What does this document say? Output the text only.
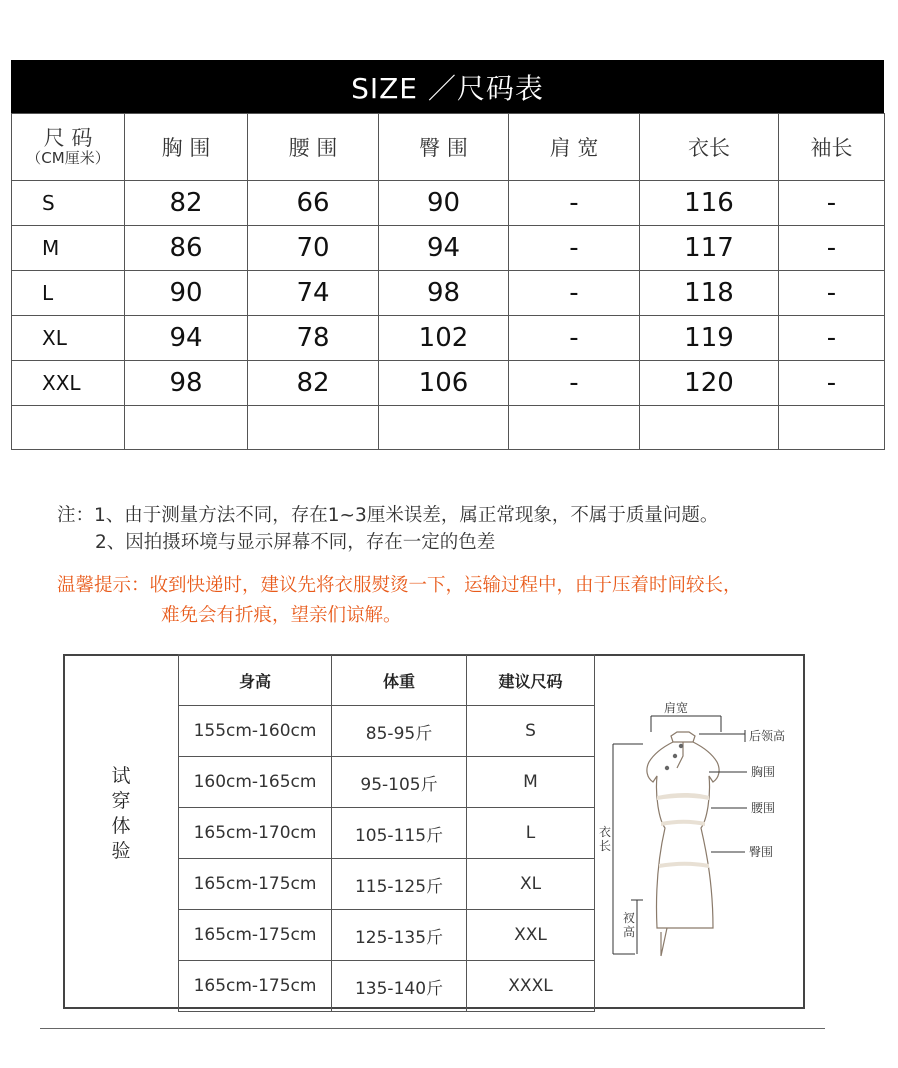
SIZE ／尺码表
尺 码
（CM厘米）	胸 围	腰 围	臀 围	肩 宽	衣长	袖长
S	82	66	90	-	116	-
M	86	70	94	-	117	-
L	90	74	98	-	118	-
XL	94	78	102	-	119	-
XXL	98	82	106	-	120	-

注：1、由于测量方法不同，存在1~3厘米误差，属正常现象，不属于质量问题。
2、因拍摄环境与显示屏幕不同，存在一定的色差
温馨提示：收到快递时，建议先将衣服熨烫一下，运输过程中，由于压着时间较长，
难免会有折痕，望亲们谅解。
试
穿
体
验
身高	体重	建议尺码
155cm-160cm	85-95斤	S
160cm-165cm	95-105斤	M
165cm-170cm	105-115斤	L
165cm-175cm	115-125斤	XL
165cm-175cm	125-135斤	XXL
165cm-175cm	135-140斤	XXXL
肩宽
后领高
胸围
腰围
臀围
衣
长
衩
高
